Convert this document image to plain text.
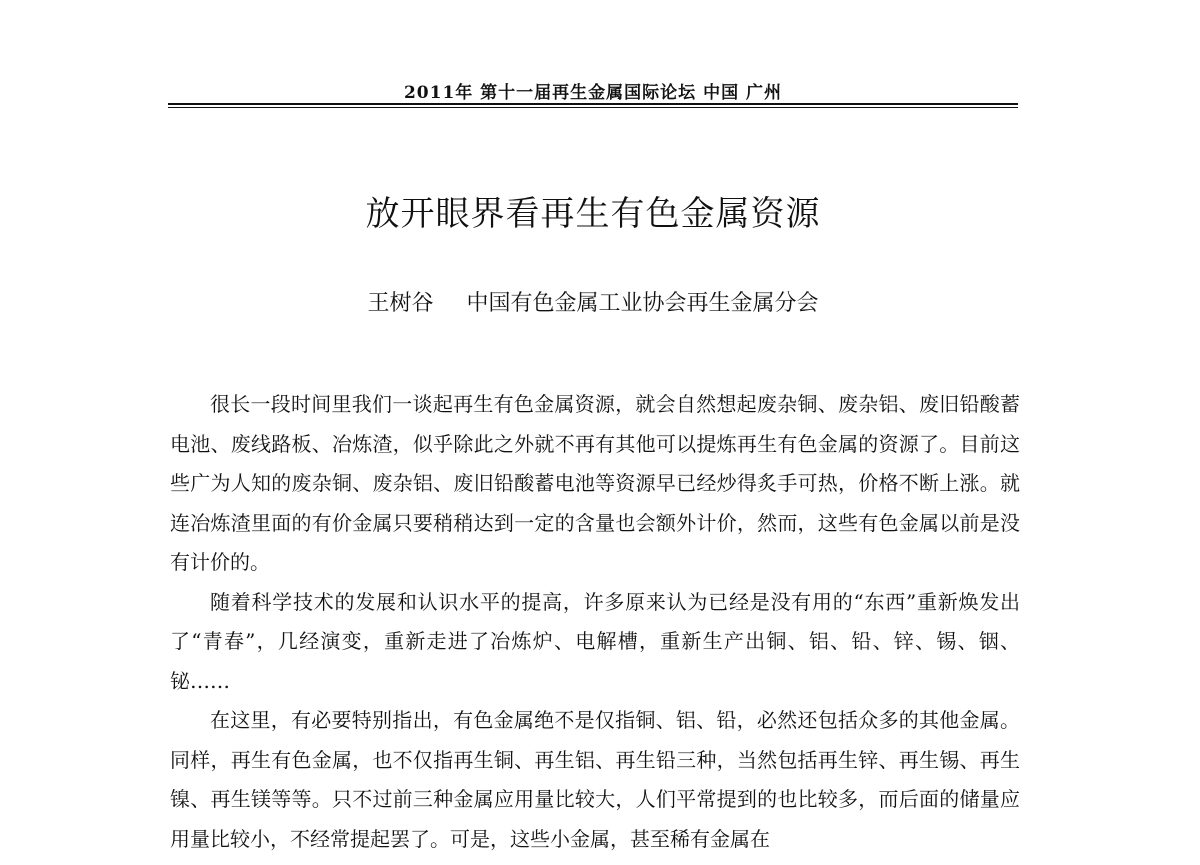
2011年 第十一届再生金属国际论坛 中国 广州
放开眼界看再生有色金属资源
王树谷 中国有色金属工业协会再生金属分会

很长一段时间里我们一谈起再生有色金属资源，就会自然想起废杂铜、废杂铝、废旧铅酸蓄电池、废线路板、冶炼渣，似乎除此之外就不再有其他可以提炼再生有色金属的资源了。目前这些广为人知的废杂铜、废杂铝、废旧铅酸蓄电池等资源早已经炒得炙手可热，价格不断上涨。就连冶炼渣里面的有价金属只要稍稍达到一定的含量也会额外计价，然而，这些有色金属以前是没有计价的。

随着科学技术的发展和认识水平的提高，许多原来认为已经是没有用的“东西”重新焕发出了“青春”，几经演变，重新走进了冶炼炉、电解槽，重新生产出铜、铝、铅、锌、锡、铟、铋……

在这里，有必要特别指出，有色金属绝不是仅指铜、铝、铅，必然还包括众多的其他金属。同样，再生有色金属，也不仅指再生铜、再生铝、再生铅三种，当然包括再生锌、再生锡、再生镍、再生镁等等。只不过前三种金属应用量比较大，人们平常提到的也比较多，而后面的储量应用量比较小，不经常提起罢了。可是，这些小金属，甚至稀有金属在
